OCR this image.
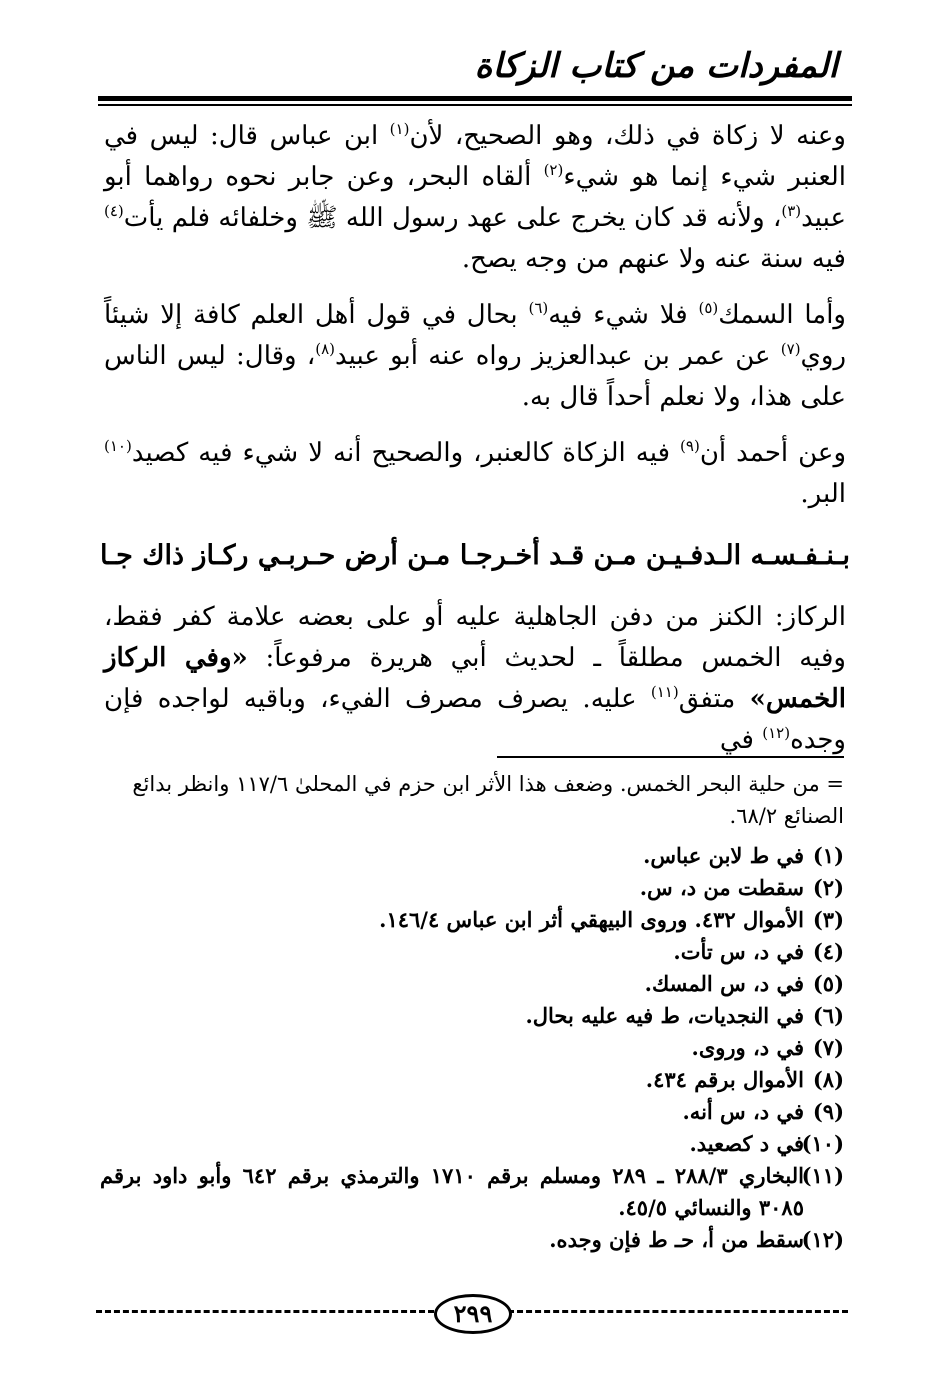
المفردات من كتاب الزكاة
وعنه لا زكاة في ذلك، وهو الصحيح، لأن$^{(١)}$ ابن عباس قال: ليس في العنبر شيء إنما هو شيء$^{(٢)}$ ألقاه البحر، وعن جابر نحوه رواهما أبو عبيد$^{(٣)}$، ولأنه قد كان يخرج على عهد رسول الله ﷺ وخلفائه فلم يأت$^{(٤)}$ فيه سنة عنه ولا عنهم من وجه يصح.
وأما السمك$^{(٥)}$ فلا شيء فيه$^{(٦)}$ بحال في قول أهل العلم كافة إلا شيئاً روي$^{(٧)}$ عن عمر بن عبدالعزيز رواه عنه أبو عبيد$^{(٨)}$، وقال: ليس الناس على هذا، ولا نعلم أحداً قال به.
وعن أحمد أن$^{(٩)}$ فيه الزكاة كالعنبر، والصحيح أنه لا شيء فيه كصيد$^{(١٠)}$ البر.
بـنـفـسـه الـدفـيـن مـن قـد أخـرجـا
مـن أرض حـربـي ركـاز ذاك جـا
الركاز: الكنز من دفن الجاهلية عليه أو على بعضه علامة كفر فقط، وفيه الخمس مطلقاً ـ لحديث أبي هريرة مرفوعاً: «وفي الركاز الخمس» متفق$^{(١١)}$ عليه. يصرف مصرف الفيء، وباقيه لواجده فإن وجده$^{(١٢)}$ في
= من حلية البحر الخمس. وضعف هذا الأثر ابن حزم في المحلىٰ ١١٧/٦ وانظر بدائع الصنائع ٦٨/٢.
(١)
في ط لابن عباس.
(٢)
سقطت من د، س.
(٣)
الأموال ٤٣٢. وروى البيهقي أثر ابن عباس ١٤٦/٤.
(٤)
في د، س تأت.
(٥)
في د، س المسك.
(٦)
في النجديات، ط فيه عليه بحال.
(٧)
في د، وروى.
(٨)
الأموال برقم ٤٣٤.
(٩)
في د، س أنه.
(١٠)
في د كصعيد.
(١١)
البخاري ٢٨٨/٣ ـ ٢٨٩ ومسلم برقم ١٧١٠ والترمذي برقم ٦٤٢ وأبو داود برقم ٣٠٨٥ والنسائي ٤٥/٥.
(١٢)
سقط من أ، حـ ط فإن وجده.
٢٩٩
